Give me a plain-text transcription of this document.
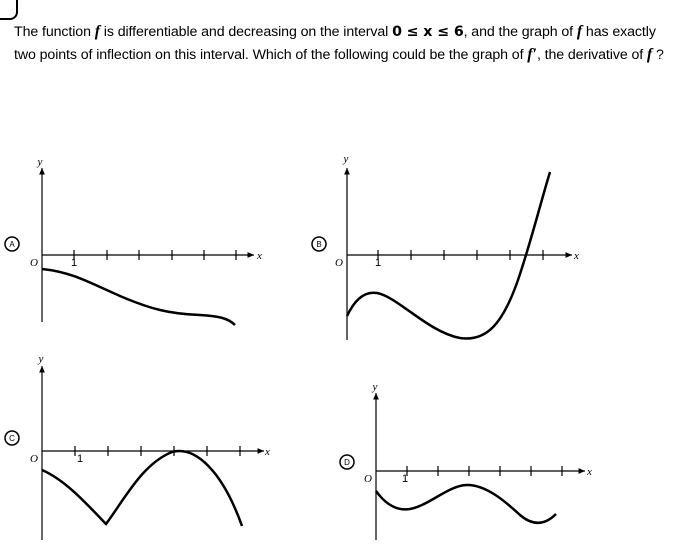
The function f is differentiable and decreasing on the interval 0 ≤ x ≤ 6, and the graph of f has exactly two points of inflection on this interval. Which of the following could be the graph of f′, the derivative of f ?
A
y
x
O	1
B
y
x
O	1
C
y
x
O	1	D
y
x
O	1
